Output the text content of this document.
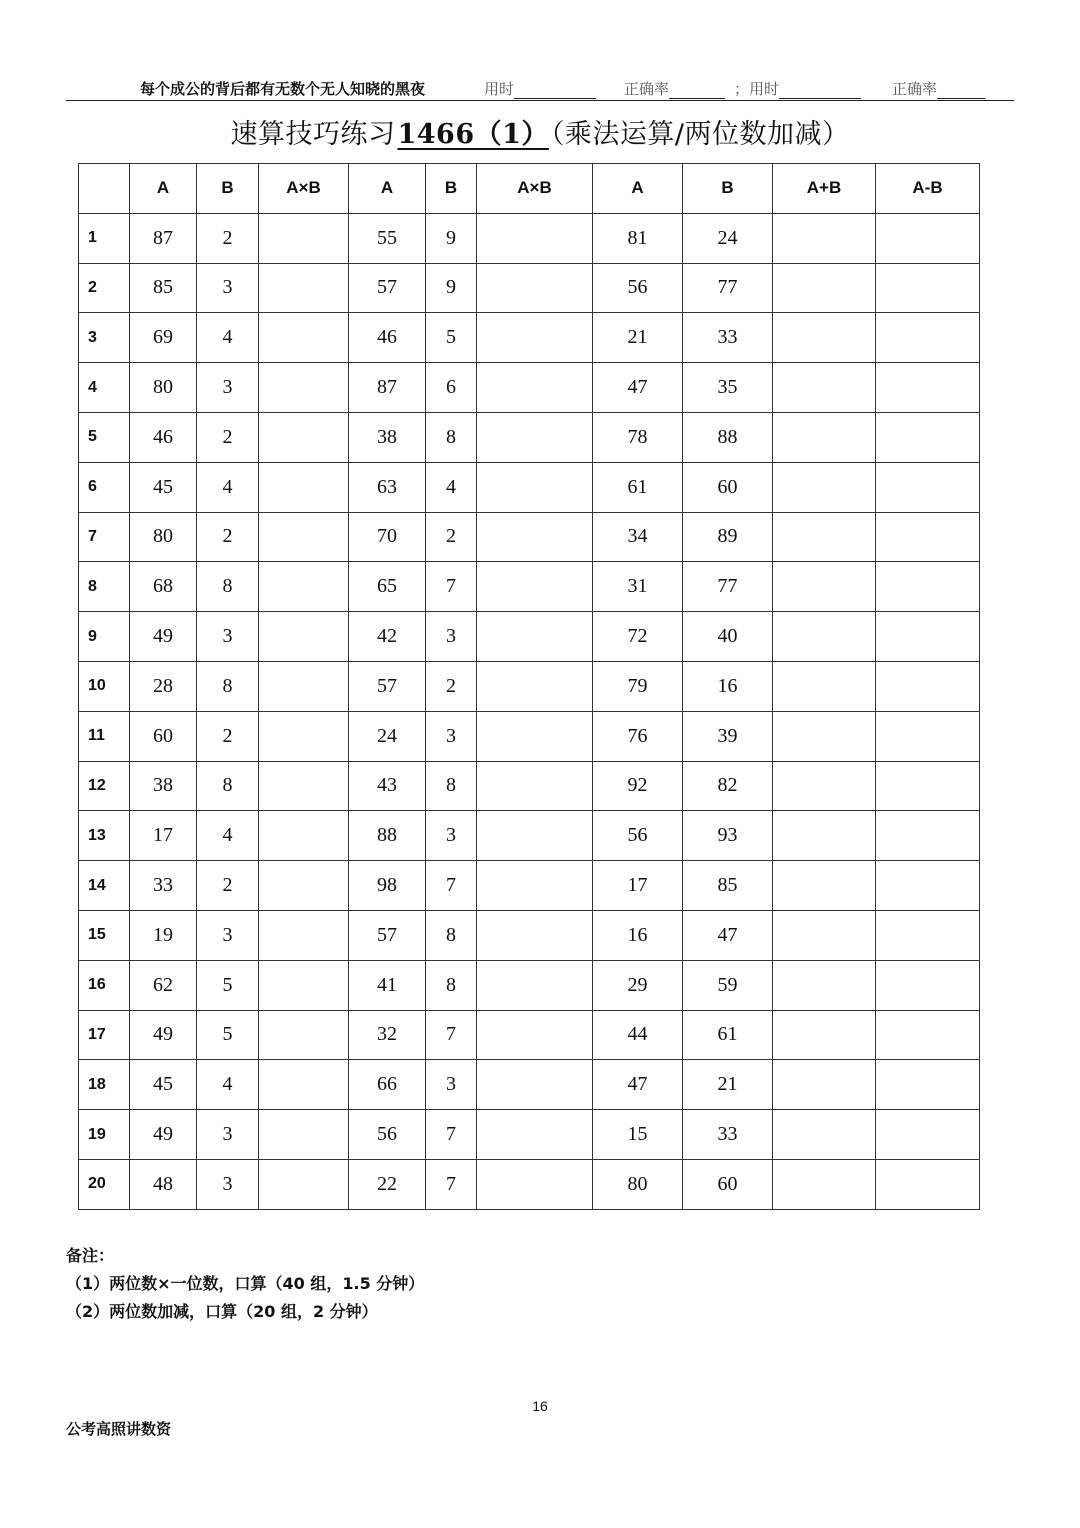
每个成公的背后都有无数个无人知晓的黑夜	用时	正确率	；用时	正确率
速算技巧练习1466（1）（乘法运算/两位数加减）
	A	B	A×B	A	B	A×B	A	B	A+B	A-B
1	87	2		55	9		81	24		
2	85	3		57	9		56	77		
3	69	4		46	5		21	33		
4	80	3		87	6		47	35		
5	46	2		38	8		78	88		
6	45	4		63	4		61	60		
7	80	2		70	2		34	89		
8	68	8		65	7		31	77		
9	49	3		42	3		72	40		
10	28	8		57	2		79	16		
11	60	2		24	3		76	39		
12	38	8		43	8		92	82		
13	17	4		88	3		56	93		
14	33	2		98	7		17	85		
15	19	3		57	8		16	47		
16	62	5		41	8		29	59		
17	49	5		32	7		44	61		
18	45	4		66	3		47	21		
19	49	3		56	7		15	33		
20	48	3		22	7		80	60		
备注：
（1）两位数×一位数，口算（40 组，1.5 分钟）
（2）两位数加减，口算（20 组，2 分钟）
16
公考高照讲数资
